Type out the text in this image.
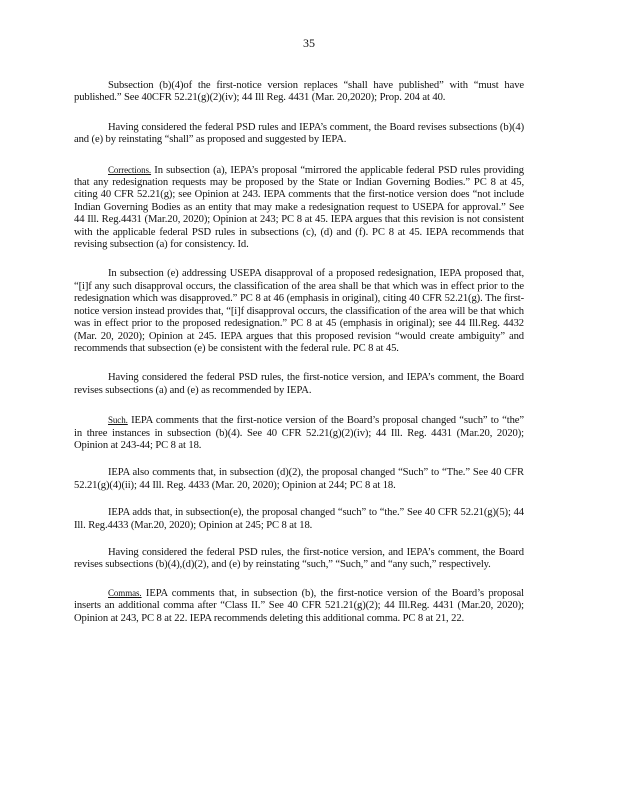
35

Subsection (b)(4)of the first-notice version replaces “shall have published” with “must have published.” See 40CFR 52.21(g)(2)(iv); 44 Ill Reg. 4431 (Mar. 20,2020); Prop. 204 at 40.

Having considered the federal PSD rules and IEPA’s comment, the Board revises subsections (b)(4) and (e) by reinstating “shall” as proposed and suggested by IEPA.

Corrections. In subsection (a), IEPA’s proposal “mirrored the applicable federal PSD rules providing that any redesignation requests may be proposed by the State or Indian Governing Bodies.” PC 8 at 45, citing 40 CFR 52.21(g); see Opinion at 243. IEPA comments that the first-notice version does “not include Indian Governing Bodies as an entity that may make a redesignation request to USEPA for approval.” See 44 Ill. Reg.4431 (Mar.20, 2020); Opinion at 243; PC 8 at 45. IEPA argues that this revision is not consistent with the applicable federal PSD rules in subsections (c), (d) and (f). PC 8 at 45. IEPA recommends that revising subsection (a) for consistency. Id.

In subsection (e) addressing USEPA disapproval of a proposed redesignation, IEPA proposed that, “[i]f any such disapproval occurs, the classification of the area shall be that which was in effect prior to the redesignation which was disapproved.” PC 8 at 46 (emphasis in original), citing 40 CFR 52.21(g). The first-notice version instead provides that, “[i]f disapproval occurs, the classification of the area will be that which was in effect prior to the proposed redesignation.” PC 8 at 45 (emphasis in original); see 44 Ill.Reg. 4432 (Mar. 20, 2020); Opinion at 245. IEPA argues that this proposed revision “would create ambiguity” and recommends that subsection (e) be consistent with the federal rule. PC 8 at 45.

Having considered the federal PSD rules, the first-notice version, and IEPA’s comment, the Board revises subsections (a) and (e) as recommended by IEPA.

Such. IEPA comments that the first-notice version of the Board’s proposal changed “such” to “the” in three instances in subsection (b)(4). See 40 CFR 52.21(g)(2)(iv); 44 Ill. Reg. 4431 (Mar.20, 2020); Opinion at 243-44; PC 8 at 18.

IEPA also comments that, in subsection (d)(2), the proposal changed “Such” to “The.” See 40 CFR 52.21(g)(4)(ii); 44 Ill. Reg. 4433 (Mar. 20, 2020); Opinion at 244; PC 8 at 18.

IEPA adds that, in subsection(e), the proposal changed “such” to “the.” See 40 CFR 52.21(g)(5); 44 Ill. Reg.4433 (Mar.20, 2020); Opinion at 245; PC 8 at 18.

Having considered the federal PSD rules, the first-notice version, and IEPA’s comment, the Board revises subsections (b)(4),(d)(2), and (e) by reinstating “such,” “Such,” and “any such,” respectively.

Commas. IEPA comments that, in subsection (b), the first-notice version of the Board’s proposal inserts an additional comma after “Class II.” See 40 CFR 521.21(g)(2); 44 Ill.Reg. 4431 (Mar.20, 2020); Opinion at 243, PC 8 at 22. IEPA recommends deleting this additional comma. PC 8 at 21, 22.
